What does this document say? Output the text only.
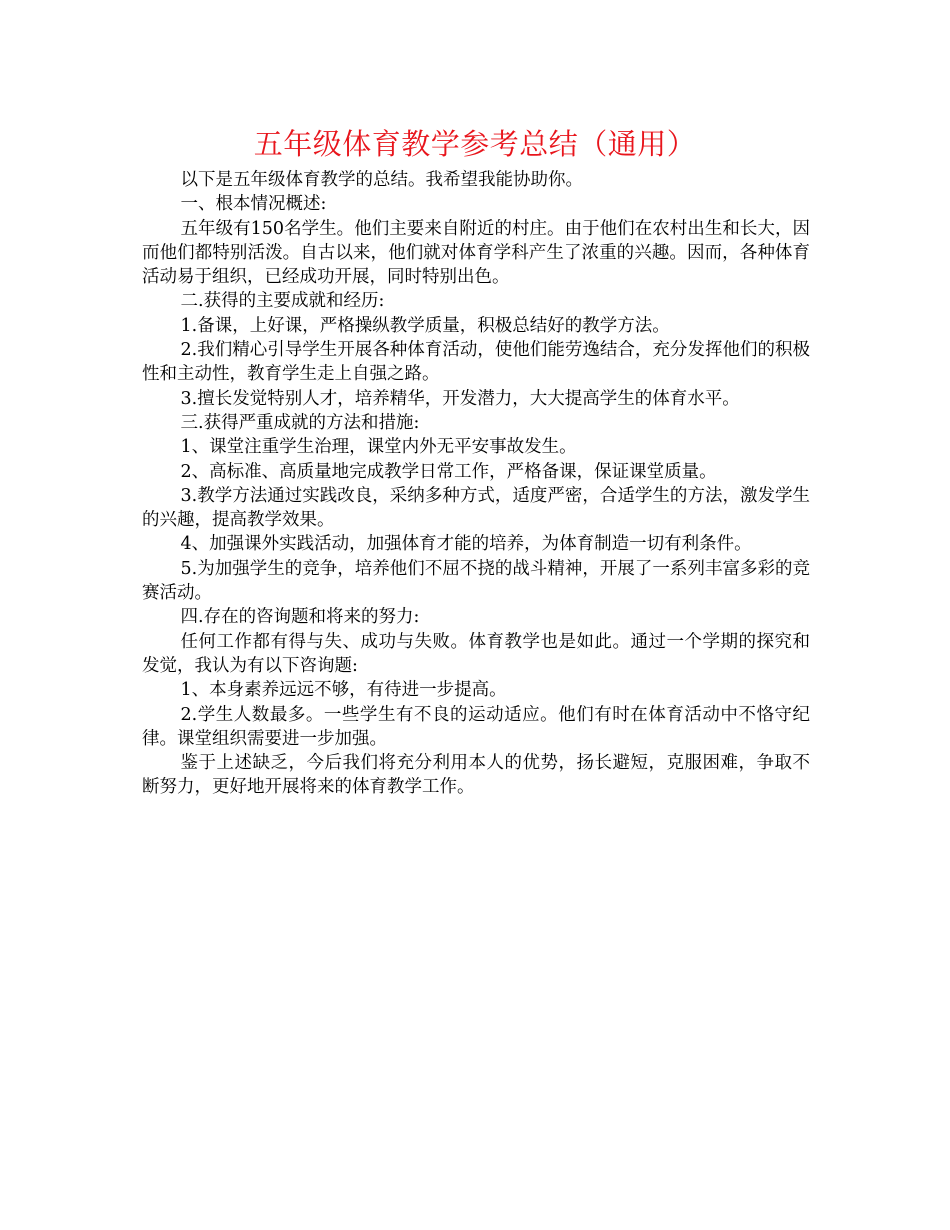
五年级体育教学参考总结（通用）

以下是五年级体育教学的总结。我希望我能协助你。

一、根本情况概述:

五年级有150名学生。他们主要来自附近的村庄。由于他们在农村出生和长大，因而他们都特别活泼。自古以来，他们就对体育学科产生了浓重的兴趣。因而，各种体育活动易于组织，已经成功开展，同时特别出色。

二.获得的主要成就和经历:

1.备课，上好课，严格操纵教学质量，积极总结好的教学方法。

2.我们精心引导学生开展各种体育活动，使他们能劳逸结合，充分发挥他们的积极性和主动性，教育学生走上自强之路。

3.擅长发觉特别人才，培养精华，开发潜力，大大提高学生的体育水平。

三.获得严重成就的方法和措施:

1、课堂注重学生治理，课堂内外无平安事故发生。

2、高标准、高质量地完成教学日常工作，严格备课，保证课堂质量。

3.教学方法通过实践改良，采纳多种方式，适度严密，合适学生的方法，激发学生的兴趣，提高教学效果。

4、加强课外实践活动，加强体育才能的培养，为体育制造一切有利条件。

5.为加强学生的竞争，培养他们不屈不挠的战斗精神，开展了一系列丰富多彩的竞赛活动。

四.存在的咨询题和将来的努力:

任何工作都有得与失、成功与失败。体育教学也是如此。通过一个学期的探究和发觉，我认为有以下咨询题:

1、本身素养远远不够，有待进一步提高。

2.学生人数最多。一些学生有不良的运动适应。他们有时在体育活动中不恪守纪律。课堂组织需要进一步加强。

鉴于上述缺乏，今后我们将充分利用本人的优势，扬长避短，克服困难，争取不断努力，更好地开展将来的体育教学工作。
